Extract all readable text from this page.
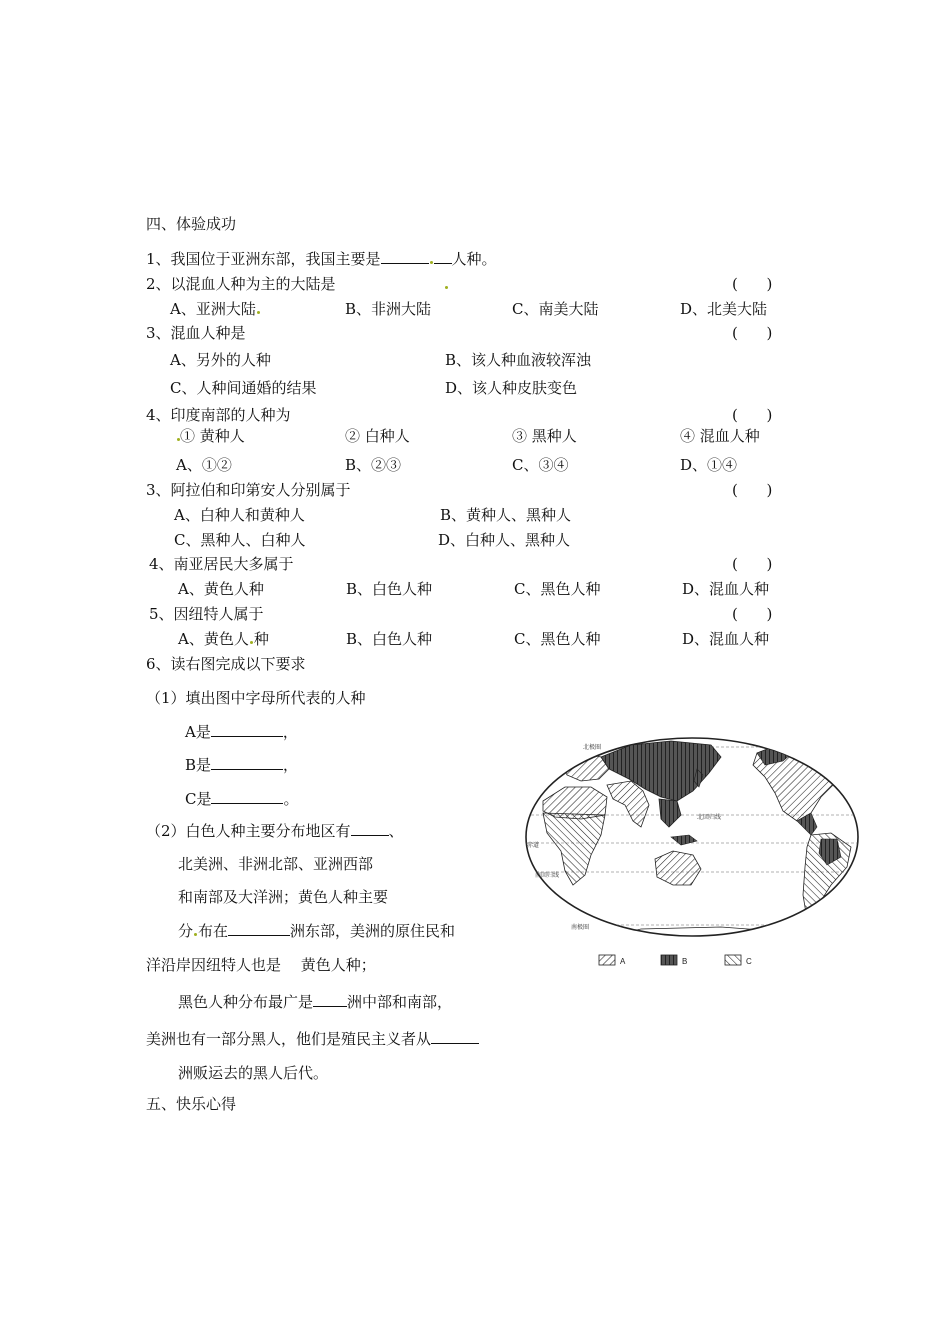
四、体验成功
1、我国位于亚洲东部，我国主要是	人种。
2、以混血人种为主的大陆是	(      )
A、亚洲大陆	B、非洲大陆	C、南美大陆	D、北美大陆
3、混血人种是	(      )
A、另外的人种	B、该人种血液较浑浊
C、人种间通婚的结果	D、该人种皮肤变色
4、印度南部的人种为	(      )
① 黄种人	② 白种人	③ 黑种人	④ 混血人种
A、①②	B、②③	C、③④	D、①④
3、阿拉伯和印第安人分别属于	(      )
A、白种人和黄种人	B、黄种人、黑种人
C、黑种人、白种人	D、白种人、黑种人
4、南亚居民大多属于	(      )
A、黄色人种	B、白色人种	C、黑色人种	D、混血人种
5、因纽特人属于	(      )
A、黄色人 种	B、白色人种	C、黑色人种	D、混血人种
6、读右图完成以下要求
（1）填出图中字母所代表的人种
A是	，
B是	，
C是	。
（2）白色人种主要分布地区有	、
北美洲、非洲北部、亚洲西部
和南部及大洋洲；黄色人种主要
分 布在	洲东部，美洲的原住民和
洋沿岸因纽特人也是　 黄色人种；
黑色人种分布最广是 洲中部和南部，
美洲也有一部分黑人，他们是殖民主义者从
洲贩运去的黑人后代。
五、快乐心得
北极圈
北回归线
赤道
南回归线
南极圈
A	B	C
